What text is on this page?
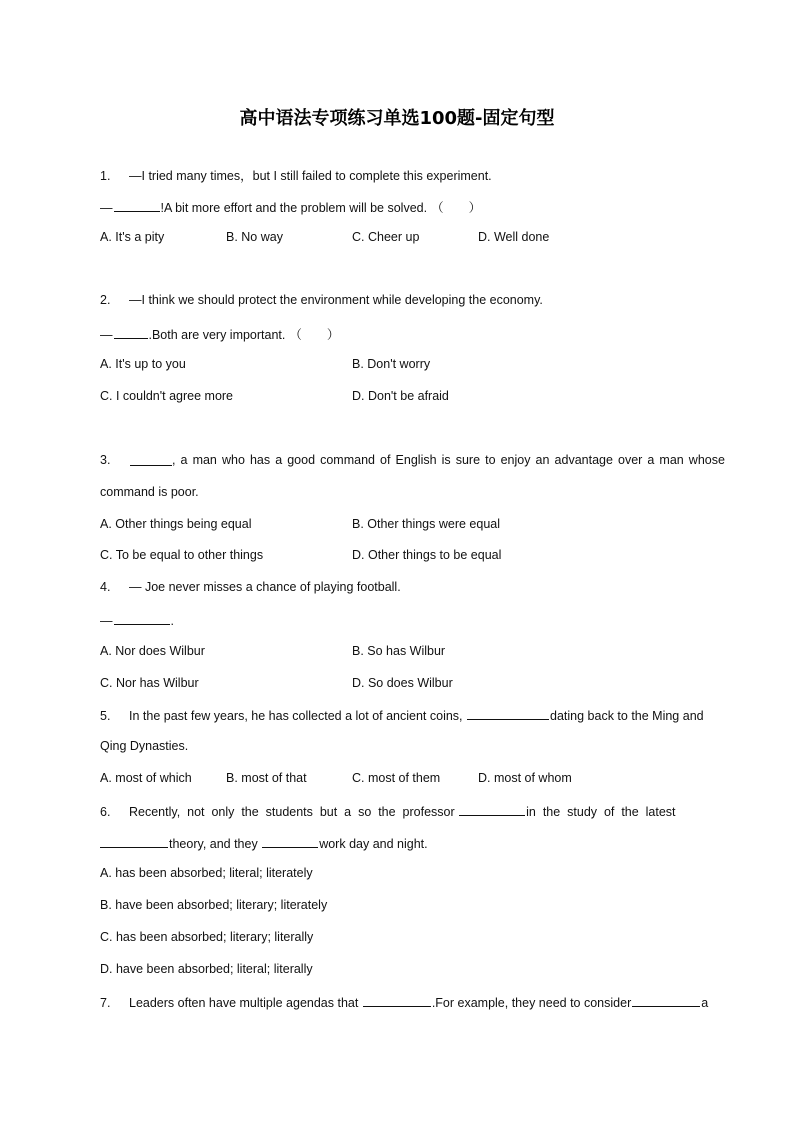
高中语法专项练习单选100题-固定句型
1. —I tried many times，but I still failed to complete this experiment.
—	!A bit more effort and the problem will be solved. （　　）
A. It's a pity	B. No way	C. Cheer up	D. Well done
2. —I think we should protect the environment while developing the economy.
—	.Both are very important. （　　）
A. It's up to you	B. Don't worry
C. I couldn't agree more	D. Don't be afraid
3.	, a man who has a good command of English is sure to enjoy an advantage over a man whose
command is poor.
A. Other things being equal	B. Other things were equal
C. To be equal to other things	D. Other things to be equal
4. — Joe never misses a chance of playing football.
—	.
A. Nor does Wilbur	B. So has Wilbur
C. Nor has Wilbur	D. So does Wilbur
5. In the past few years, he has collected a lot of ancient coins,	dating back to the Ming and
Qing Dynasties.
A. most of which	B. most of that	C. most of them	D. most of whom
6. Recently,  not  only  the  students  but  a  so  the  professor	in  the  study  of  the  latest
theory, and they	work day and night.
A. has been absorbed; literal; literately
B. have been absorbed; literary; literately
C. has been absorbed; literary; literally
D. have been absorbed; literal; literally
7. Leaders often have multiple agendas that	.For example, they need to consider	a
